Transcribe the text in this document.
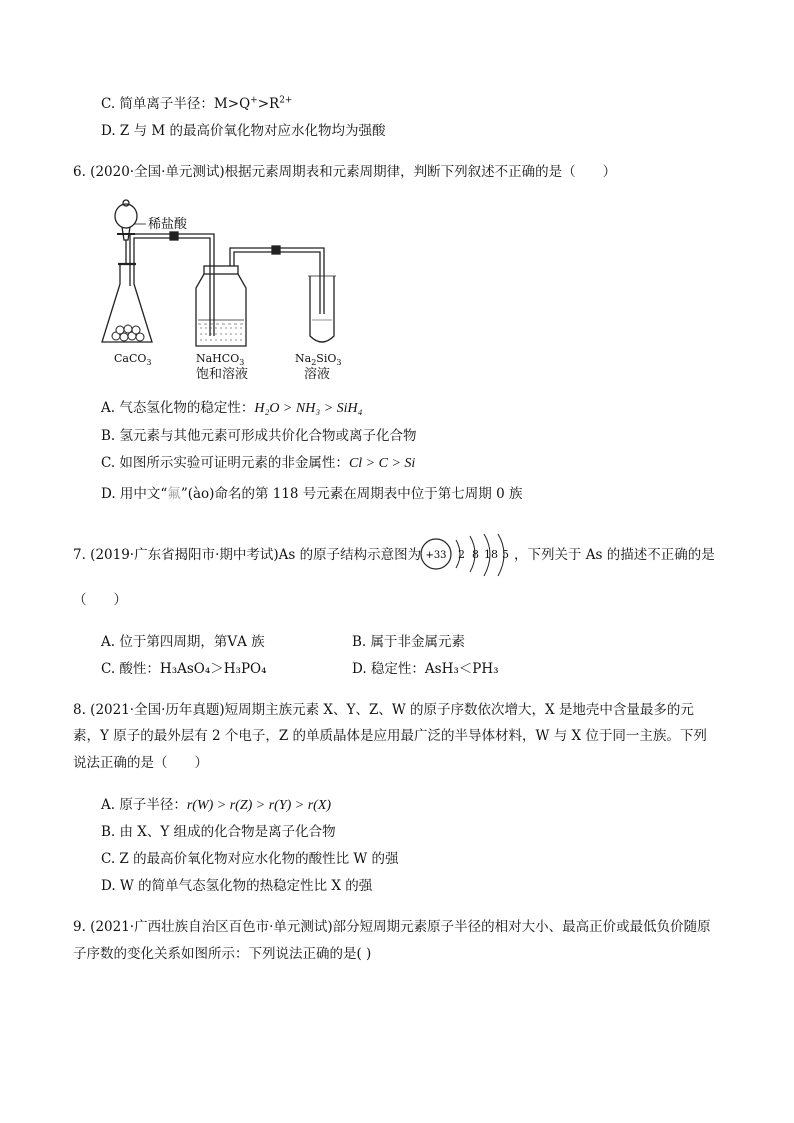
C. 简单离子半径：$M>Q^+>R^{2+}$
D. Z 与 M 的最高价氧化物对应水化物均为强酸
6. (2020·全国·单元测试)根据元素周期表和元素周期律，判断下列叙述不正确的是（　　）
稀盐酸
CaCO$_3$	NaHCO$_3$
饱和溶液
$Na_2SiO_3$
溶液
A. 气态氢化物的稳定性：H₂O > NH₃ > SiH₄
B. 氢元素与其他元素可形成共价化合物或离子化合物
C. 如图所示实验可证明元素的非金属性：Cl > C > Si
D. 用中文“氟”(ào)命名的第 118 号元素在周期表中位于第七周期 0 族
7. (2019·广东省揭阳市·期中考试)As 的原子结构示意图为 +33 2 8 18 5 ，下列关于 As 的描述不正确的是
（　　）
A. 位于第四周期，第ⅤA 族	B. 属于非金属元素
C. 酸性：H₃AsO₄＞H₃PO₄	D. 稳定性：AsH₃＜PH₃
8. (2021·全国·历年真题)短周期主族元素 X、Y、Z、W 的原子序数依次增大，X 是地壳中含量最多的元
素，Y 原子的最外层有 2 个电子，Z 的单质晶体是应用最广泛的半导体材料，W 与 X 位于同一主族。下列
说法正确的是（　　）
A. 原子半径：r(W) > r(Z) > r(Y) > r(X)
B. 由 X、Y 组成的化合物是离子化合物
C. Z 的最高价氧化物对应水化物的酸性比 W 的强
D. W 的简单气态氢化物的热稳定性比 X 的强
9. (2021·广西壮族自治区百色市·单元测试)部分短周期元素原子半径的相对大小、最高正价或最低负价随原
子序数的变化关系如图所示：下列说法正确的是( )
